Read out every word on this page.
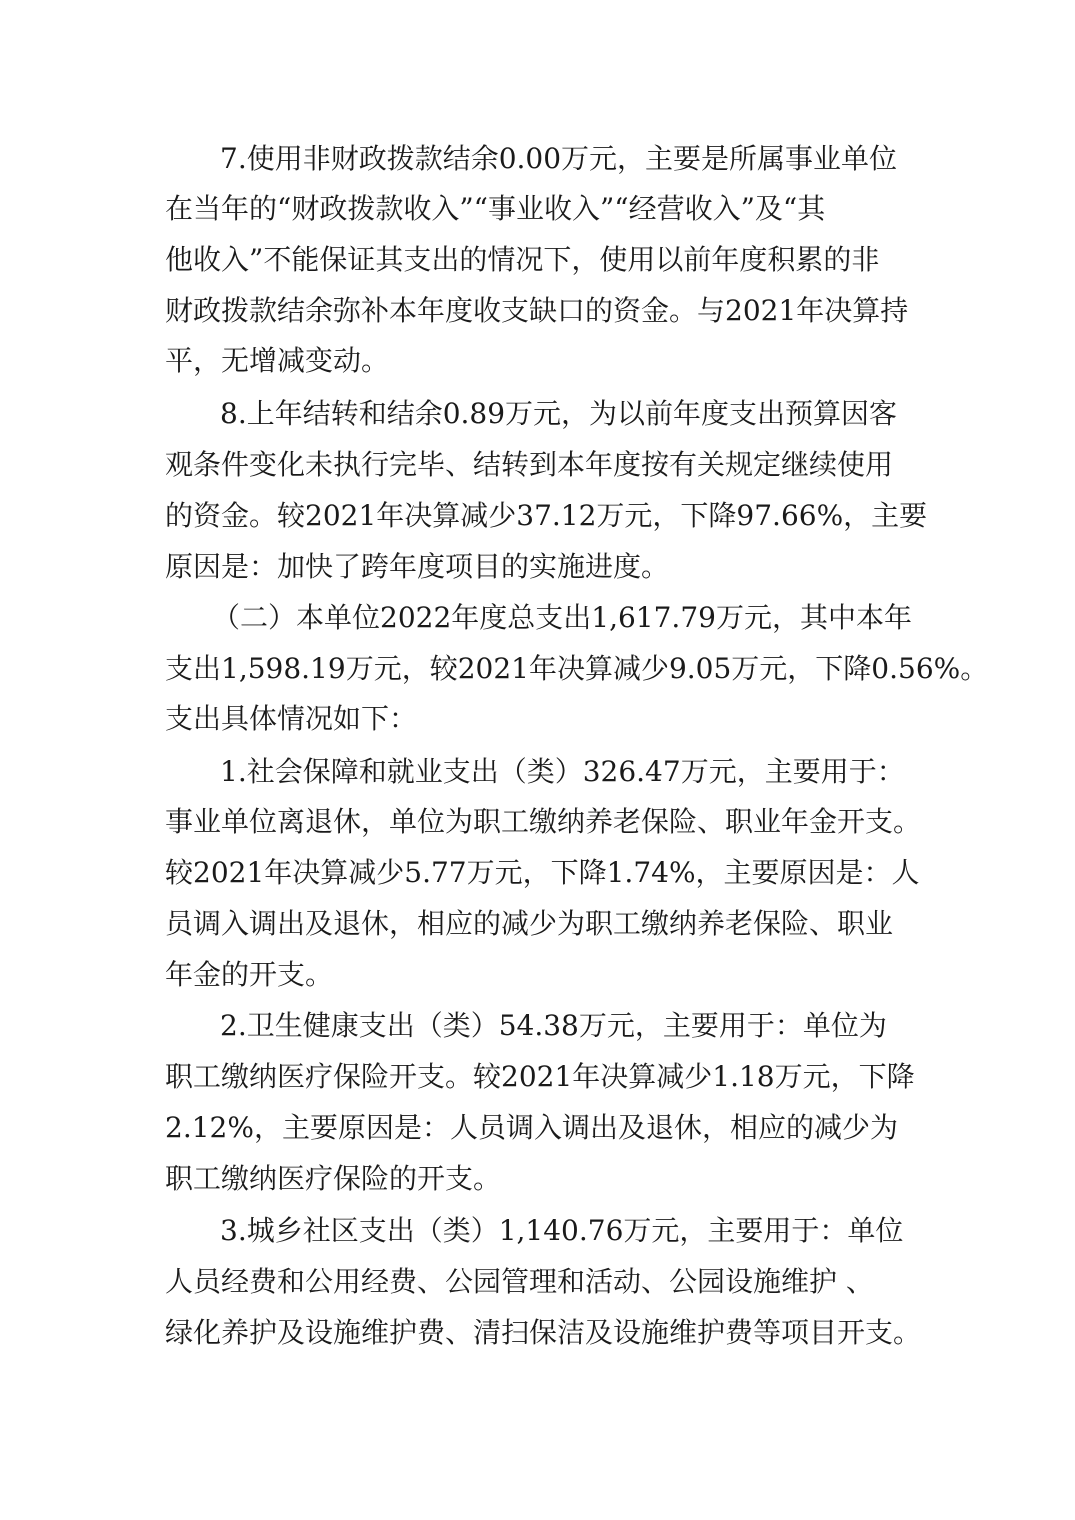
7.使用非财政拨款结余0.00万元，主要是所属事业单位
在当年的“财政拨款收入”“事业收入”“经营收入”及“其
他收入”不能保证其支出的情况下，使用以前年度积累的非
财政拨款结余弥补本年度收支缺口的资金。与2021年决算持
平，无增减变动。
8.上年结转和结余0.89万元，为以前年度支出预算因客
观条件变化未执行完毕、结转到本年度按有关规定继续使用
的资金。较2021年决算减少37.12万元，下降97.66%，主要
原因是：加快了跨年度项目的实施进度。
（二）本单位2022年度总支出1,617.79万元，其中本年
支出1,598.19万元，较2021年决算减少9.05万元，下降0.56%。
支出具体情况如下：
1.社会保障和就业支出（类）326.47万元，主要用于：
事业单位离退休，单位为职工缴纳养老保险、职业年金开支。
较2021年决算减少5.77万元，下降1.74%，主要原因是：人
员调入调出及退休，相应的减少为职工缴纳养老保险、职业
年金的开支。
2.卫生健康支出（类）54.38万元，主要用于：单位为
职工缴纳医疗保险开支。较2021年决算减少1.18万元，下降
2.12%，主要原因是：人员调入调出及退休，相应的减少为
职工缴纳医疗保险的开支。
3.城乡社区支出（类）1,140.76万元，主要用于：单位
人员经费和公用经费、公园管理和活动、公园设施维护 、
绿化养护及设施维护费、清扫保洁及设施维护费等项目开支。
